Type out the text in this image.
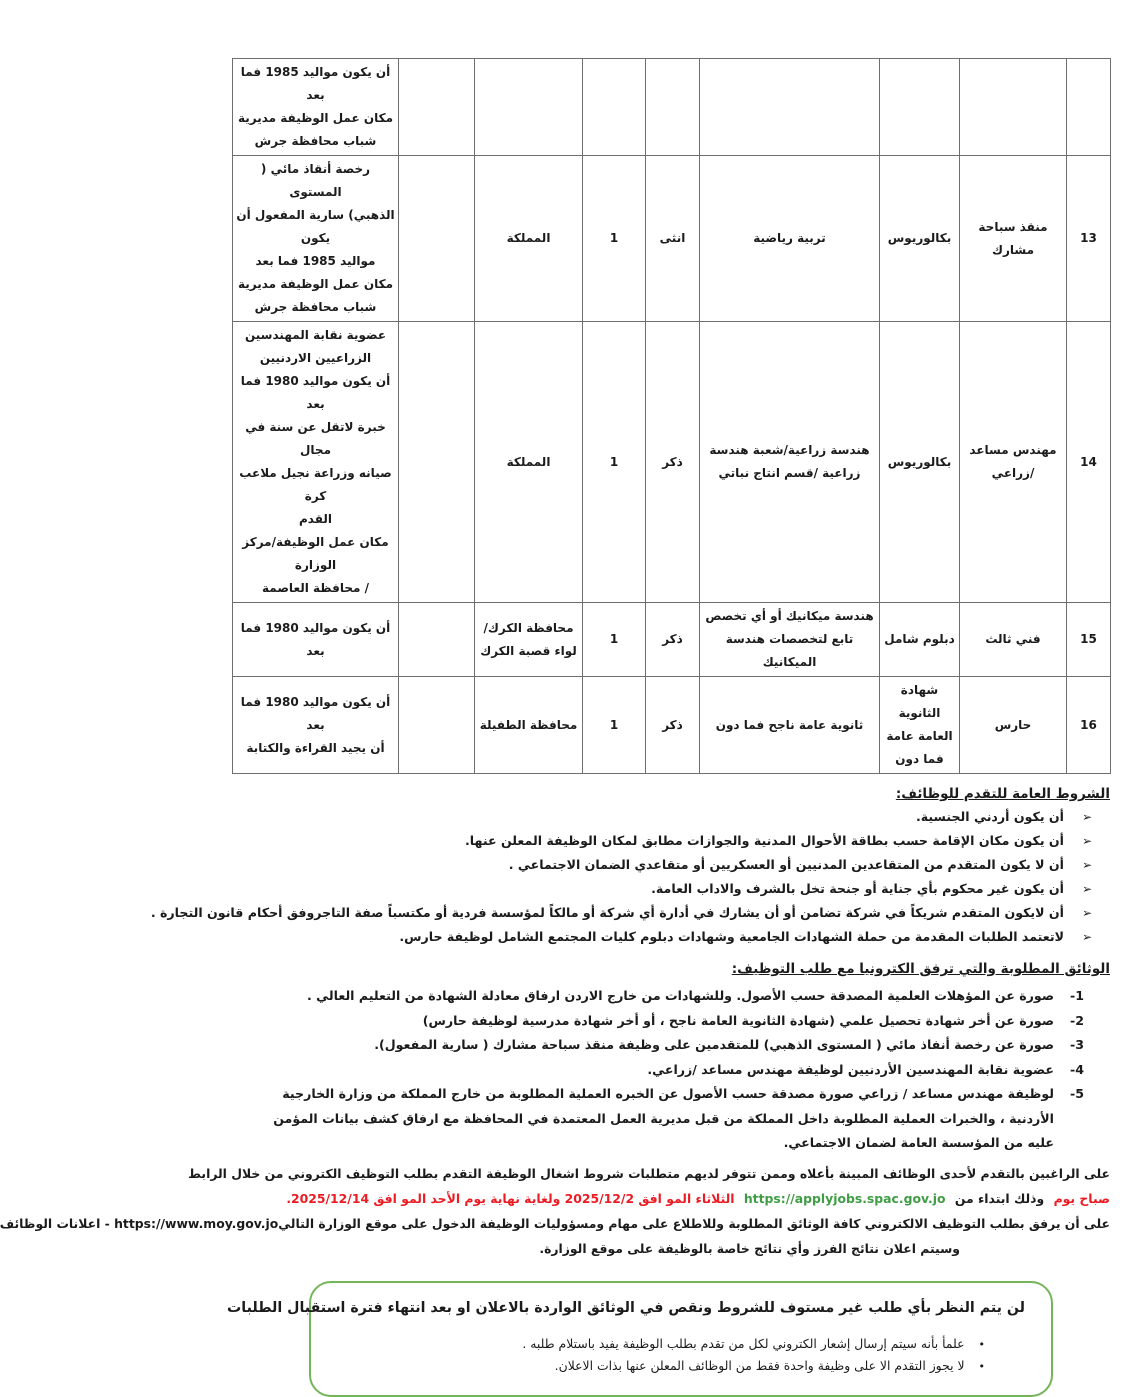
								أن يكون مواليد 1985 فما بعد
مكان عمل الوظيفة مديرية
شباب محافظة جرش
13	منقذ سباحة مشارك	بكالوريوس	تربية رياضية	انثى	1	المملكة		رخصة أنقاذ مائي ( المستوى
الذهبي) سارية المفعول أن يكون
مواليد 1985 فما بعد
مكان عمل الوظيفة مديرية
شباب محافظة جرش
14	مهندس مساعد
/زراعي	بكالوريوس	هندسة زراعية/شعبة هندسة
زراعية /قسم انتاج نباتي	ذكر	1	المملكة		عضوية نقابة المهندسين
الزراعيين الاردنيين
أن يكون مواليد 1980 فما بعد
خبرة لاتقل عن سنة في مجال
صيانه وزراعة نجيل ملاعب كرة
القدم
مكان عمل الوظيفة/مركز الوزارة
/ محافظة العاصمة
15	فني ثالث	دبلوم شامل	هندسة ميكانيك أو أي تخصص
تابع لتخصصات هندسة الميكانيك	ذكر	1	محافظة الكرك/
لواء قصبة الكرك		أن يكون مواليد 1980 فما بعد
16	حارس	شهادة الثانوية
العامة عامة
فما دون	ثانوية عامة ناجح فما دون	ذكر	1	محافظة الطفيلة		أن يكون مواليد 1980 فما بعد
أن يجيد القراءة والكتابة
الشروط العامة للتقدم للوظائف:
➢
أن يكون أردني الجنسية.
➢
أن يكون مكان الإقامة حسب بطاقة الأحوال المدنية والجوازات مطابق لمكان الوظيفة المعلن عنها.
➢
أن لا يكون المتقدم من المتقاعدين المدنيين أو العسكريين أو متقاعدي الضمان الاجتماعي .
➢
أن يكون غير محكوم بأي جناية أو جنحة تخل بالشرف والاداب العامة.
➢
أن لايكون المتقدم شريكاً في شركة تضامن أو أن يشارك في أدارة أي شركة أو مالكاً لمؤسسة فردية أو مكتسباً صفة التاجروفق أحكام قانون التجارة .
➢
لاتعتمد الطلبات المقدمة من حملة الشهادات الجامعية وشهادات دبلوم كليات المجتمع الشامل لوظيفة حارس.
الوثائق المطلوبة والتي ترفق الكترونيا مع طلب التوظيف:
1-
صورة عن المؤهلات العلمية المصدقة حسب الأصول. وللشهادات من خارج الاردن ارفاق معادلة الشهادة من التعليم العالي .
2-
صورة عن أخر شهادة تحصيل علمي (شهادة الثانوية العامة ناجح ، أو أخر شهادة مدرسية لوظيفة حارس)
3-
صورة عن رخصة أنفاذ مائي ( المستوى الذهبي) للمتقدمين على وظيفة منقذ سباحة مشارك ( سارية المفعول).
4-
عضوية نقابة المهندسين الأردنيين لوظيفة مهندس مساعد /زراعي.
5-
لوظيفة مهندس مساعد / زراعي صورة مصدقة حسب الأصول عن الخبره العملية المطلوبة من خارج المملكة من وزارة الخارجية الأردنية ، والخبرات العملية المطلوبة داخل المملكة من قبل مديرية العمل المعتمدة في المحافظة مع ارفاق كشف بيانات المؤمن عليه من المؤسسة العامة لضمان الاجتماعي.
على الراغبين بالتقدم لأحدى الوظائف المبينة بأعلاه وممن تتوفر لديهم متطلبات شروط اشغال الوظيفة التقدم بطلب التوظيف الكتروني من خلال الرابط
صباح يوم وذلك ابتداء من https://applyjobs.spac.gov.jo الثلاثاء المو افق 2025/12/2 ولغاية نهاية يوم الأحد المو افق 2025/12/14.
على أن يرفق بطلب التوظيف الالكتروني كافة الوثائق المطلوبة وللاطلاع على مهام ومسؤوليات الوظيفة الدخول على موقع الوزارة التاليhttps://www.moy.gov.jo - اعلانات الوظائف
وسيتم اعلان نتائج الفرز وأي نتائج خاصة بالوظيفة على موقع الوزارة.
لن يتم النظر بأي طلب غير مستوف للشروط ونقص في الوثائق الواردة بالاعلان او بعد انتهاء فترة استقبال الطلبات
• علمأ بأنه سيتم إرسال إشعار الكتروني لكل من تقدم بطلب الوظيفة يفيد باستلام طلبه .
• لا يجوز التقدم الا على وظيفة واحدة فقط من الوظائف المعلن عنها بذات الاعلان.
